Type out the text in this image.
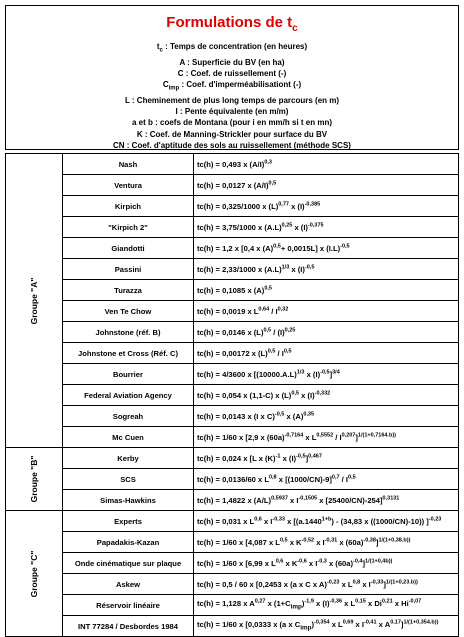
Formulations de $t_c$
$t_c$ : Temps de concentration (en heures)
A : Superficie du BV (en ha)
C : Coef. de ruissellement (-)
$C_{imp}$ : Coef. d'imperméabilisationt (-)
L : Cheminement de plus long temps de parcours (en m)
I : Pente équivalente (en m/m)
a et b : coefs de Montana (pour i en mm/h si t en mn)
K : Coef. de Manning-Strickler pour surface du BV
CN : Coef. d'aptitude des sols au ruissellement (méthode SCS)
Groupe "A"	Nash	tc(h) = 0,493 x $(A/I)^{0,3}$
	Ventura	tc(h) = 0,0127 x $(A/I)^{0,5}$
	Kirpich	tc(h) = 0,325/1000 x $(L)^{0,77}$ x $(I)^{-0,385}$
	"Kirpich 2"	tc(h) = 3,75/1000 x $(A.L)^{0,25}$ x $(I)^{-0,375}$
	Giandotti	tc(h) = 1,2 x [0,4 x $(A)^{0,5}+ 0,0015L$] x $(I.L)^{-0,5}$
	Passini	tc(h) = 2,33/1000 x $(A.L)^{1/3}$ x $(I)^{-0,5}$
	Turazza	tc(h) = 0,1085 x $(A)^{0,5}$
	Ven Te Chow	tc(h) = 0,0019 x L$^{0,64}$ / I$^{0,32}$
	Johnstone (réf. B)	tc(h) = 0,0146 x $(L)^{0,5} / (I)^{0,25}$
	Johnstone et Cross (Réf. C)	tc(h) = 0,00172 x $(L)^{0,5} / I^{0,5}$
	Bourrier	tc(h) = 4/3600 x [$(10000.A.L)^{1/3}$ x $(I)^{-0,5}]^{3/4}$
	Federal Aviation Agency	tc(h) = 0,054 x (1,1-C) x $(L)^{0,5}$ x $(I)^{-0,332}$
	Sogreah	tc(h) = 0,0143 x (I x C)$^{-0,5}$ x $(A)^{0,35}$
	Mc Cuen	tc(h) = 1/60 x [2,9 x $(60a)^{-0,7164}$ x $L^{0,5552} / I^{0,207}]^{1/(1+0,7164.b))}$

Groupe "B"	Kerby	tc(h) = 0,024 x [L x $(K)^{-1}$ x $(I)^{-0,5}]^{0,467}$
	SCS	tc(h) = 0,0136/60 x L$^{0,8}$ x $[(1000/CN)-9]^{0,7} / I^{0,5}$
	Simas-Hawkins	tc(h) = 1,4822 x $(A/L)^{0,5937}$ x $I^{-0,1505}$ x $[25400/CN)-254]^{0,3131}$

Groupe "C"	Experts	tc(h) = 0,031 x L$^{0,6}$ x $I^{-0,33}$ x [$(a.1440^{1+b}) - (34,83$ x ((1000/CN)-10)) ]$^{-0,23}$
	Papadakis-Kazan	tc(h) = 1/60 x [4,087 x L$^{0,5}$ x $K^{-0,52}$ x $I^{-0,31}$ x $(60a)^{-0,38}]^{1/(1+0,38.b))}$
	Onde cinématique sur plaque	tc(h) = 1/60 x [6,99 x L$^{0,6}$ x $K^{-0,6}$ x $I^{-0,3}$ x $(60a)^{-0,4}]^{1/(1+0,4b))}$
	Askew	tc(h) = 0,5 / 60 x [0,2453 x (a x C x A)$^{-0,23}$ x L$^{0,8}$ x $I^{-0,33}]^{1/(1+0,23.b))}$
	Réservoir linéaire	tc(h) = 1,128 x A$^{0,27}$ x $(1+C_{imp})^{-1,9}$ x $(I)^{-0,36}$ x L$^{0,15}$ x Di$^{0,21}$ x $Hi^{-0,07}$
	INT 77284 / Desbordes 1984	tc(h) = 1/60 x [0,0333 x (a x $C_{imp})^{-0,354}$ x L$^{0,69}$ x $I^{-0,41}$ x A$^{0,17}$]$^{1/(1+0,354.b))}$
